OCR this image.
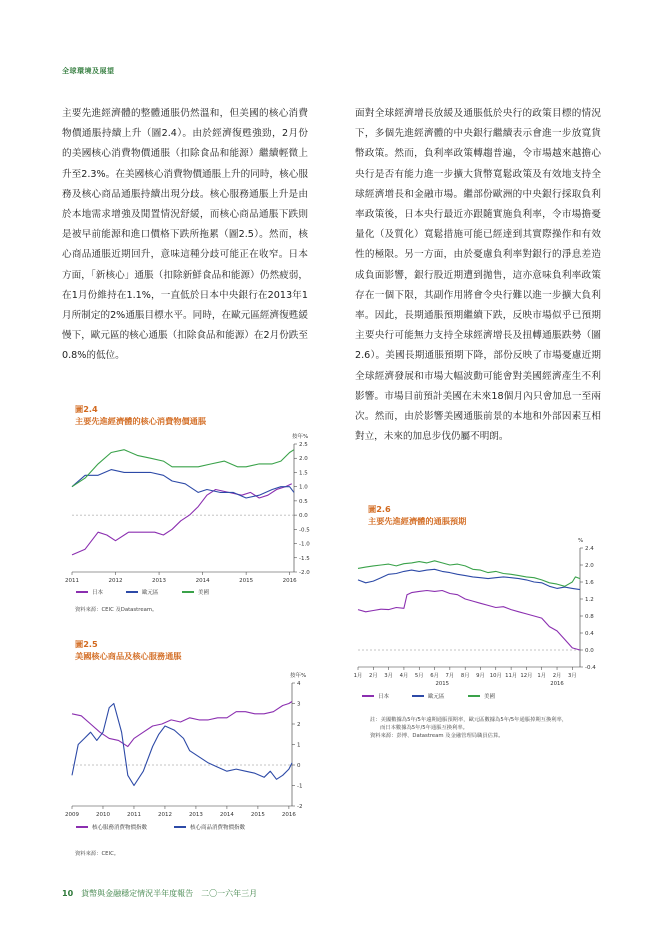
全球環境及展望

主要先進經濟體的整體通脹仍然溫和，但美國的核心消費物價通脹持續上升（圖2.4）。由於經濟復甦強勁，2月份的美國核心消費物價通脹（扣除食品和能源）繼續輕微上升至2.3%。在美國核心消費物價通脹上升的同時，核心服務及核心商品通脹持續出現分歧。核心服務通脹上升是由於本地需求增強及閒置情況舒緩，而核心商品通脹下跌則是被早前能源和進口價格下跌所拖累（圖2.5）。然而，核心商品通脹近期回升，意味這種分歧可能正在收窄。日本方面，「新核心」通脹（扣除新鮮食品和能源）仍然疲弱，在1月份維持在1.1%，一直低於日本中央銀行在2013年1月所制定的2%通脹目標水平。同時，在歐元區經濟復甦緩慢下，歐元區的核心通脹（扣除食品和能源）在2月份跌至0.8%的低位。

面對全球經濟增長放緩及通脹低於央行的政策目標的情況下，多個先進經濟體的中央銀行繼續表示會進一步放寬貨幣政策。然而，負利率政策轉趨普遍，令市場越來越擔心央行是否有能力進一步擴大貨幣寬鬆政策及有效地支持全球經濟增長和金融市場。繼部份歐洲的中央銀行採取負利率政策後，日本央行最近亦跟隨實施負利率，令市場擔憂量化（及質化）寬鬆措施可能已經達到其實際操作和有效性的極限。另一方面，由於憂慮負利率對銀行的淨息差造成負面影響，銀行股近期遭到拋售，這亦意味負利率政策存在一個下限，其副作用將會令央行難以進一步擴大負利率。因此，長期通脹預期繼續下跌，反映市場似乎已預期主要央行可能無力支持全球經濟增長及扭轉通脹跌勢（圖2.6）。美國長期通脹預期下降，部份反映了市場憂慮近期全球經濟發展和市場大幅波動可能會對美國經濟產生不利影響。市場目前預計美國在未來18個月內只會加息一至兩次。然而，由於影響美國通脹前景的本地和外部因素互相對立，未來的加息步伐仍屬不明朗。

圖2.4
主要先進經濟體的核心消費物價通脹
2.5
2.0
1.5
1.0
0.5
0.0
-0.5
-1.0
-1.5
-2.0
按年%
2011	2012	2013	2014	2015	2016
日本	歐元區	美國
資料來源：CEIC 及Datastream。
圖2.5
美國核心商品及核心服務通脹
4
3
2
1
0
-1
-2
按年%
2009	2010	2011	2012	2013	2014	2015	2016
核心服務消費物價指數	核心商品消費物價指數
資料來源：CEIC。
圖2.6
主要先進經濟體的通脹預期
2.4
2.0
1.6
1.2
0.8
0.4
0.0
-0.4
%
1月 2月 3月 4月 5月 6月 7月 8月 9月 10月 11月 12月 1月 2月 3月
2015	2016
日本	歐元區	美國
註：美國數據為5年/5年遠期通脹預期率，歐元區數據為5年/5年通脹掉期互換利率，
而日本數據為5年/5年通脹互換利率。
資料來源：彭博、Datastream 及金融管理局職員估算。
10 貨幣與金融穩定情況半年度報告　二〇一六年三月
